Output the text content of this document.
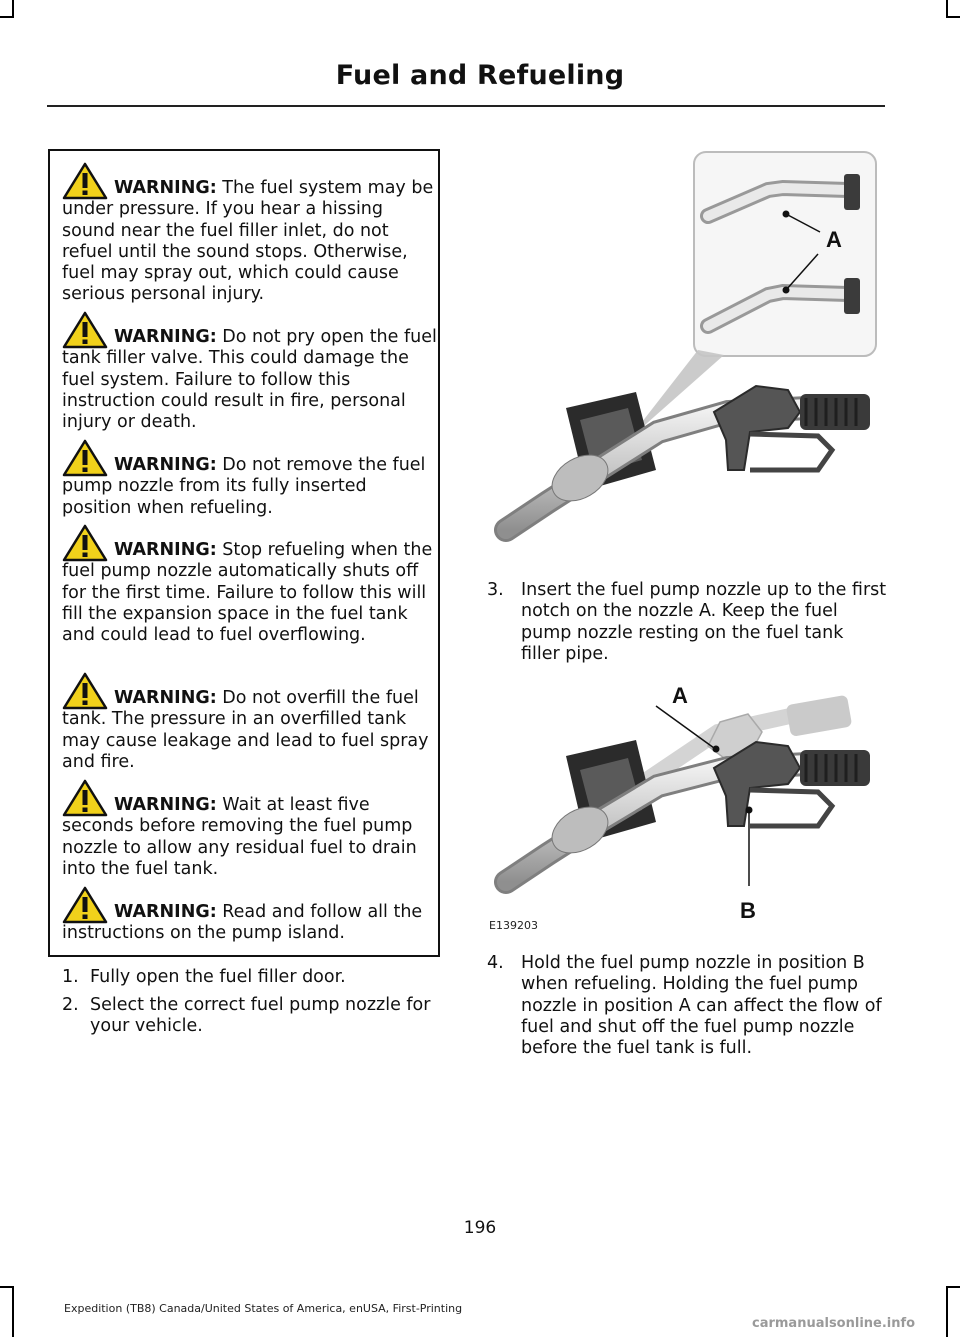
Fuel and Refueling

WARNING: The fuel system may be under pressure. If you hear a hissing sound near the fuel filler inlet, do not refuel until the sound stops. Otherwise, fuel may spray out, which could cause serious personal injury.

WARNING: Do not pry open the fuel tank filler valve. This could damage the fuel system. Failure to follow this instruction could result in fire, personal injury or death.

WARNING: Do not remove the fuel pump nozzle from its fully inserted position when refueling.

WARNING: Stop refueling when the fuel pump nozzle automatically shuts off for the first time. Failure to follow this will fill the expansion space in the fuel tank and could lead to fuel overflowing.

WARNING: Do not overfill the fuel tank. The pressure in an overfilled tank may cause leakage and lead to fuel spray and fire.

WARNING: Wait at least five seconds before removing the fuel pump nozzle to allow any residual fuel to drain into the fuel tank.

WARNING: Read and follow all the instructions on the pump island.

1. Fully open the fuel filler door.
2. Select the correct fuel pump nozzle for your vehicle.
A
3. Insert the fuel pump nozzle up to the first notch on the nozzle A. Keep the fuel pump nozzle resting on the fuel tank filler pipe.
A
B
E139203
4. Hold the fuel pump nozzle in position B when refueling. Holding the fuel pump nozzle in position A can affect the flow of fuel and shut off the fuel pump nozzle before the fuel tank is full.
196
Expedition (TB8) Canada/United States of America, enUSA, First-Printing
carmanualsonline.info
